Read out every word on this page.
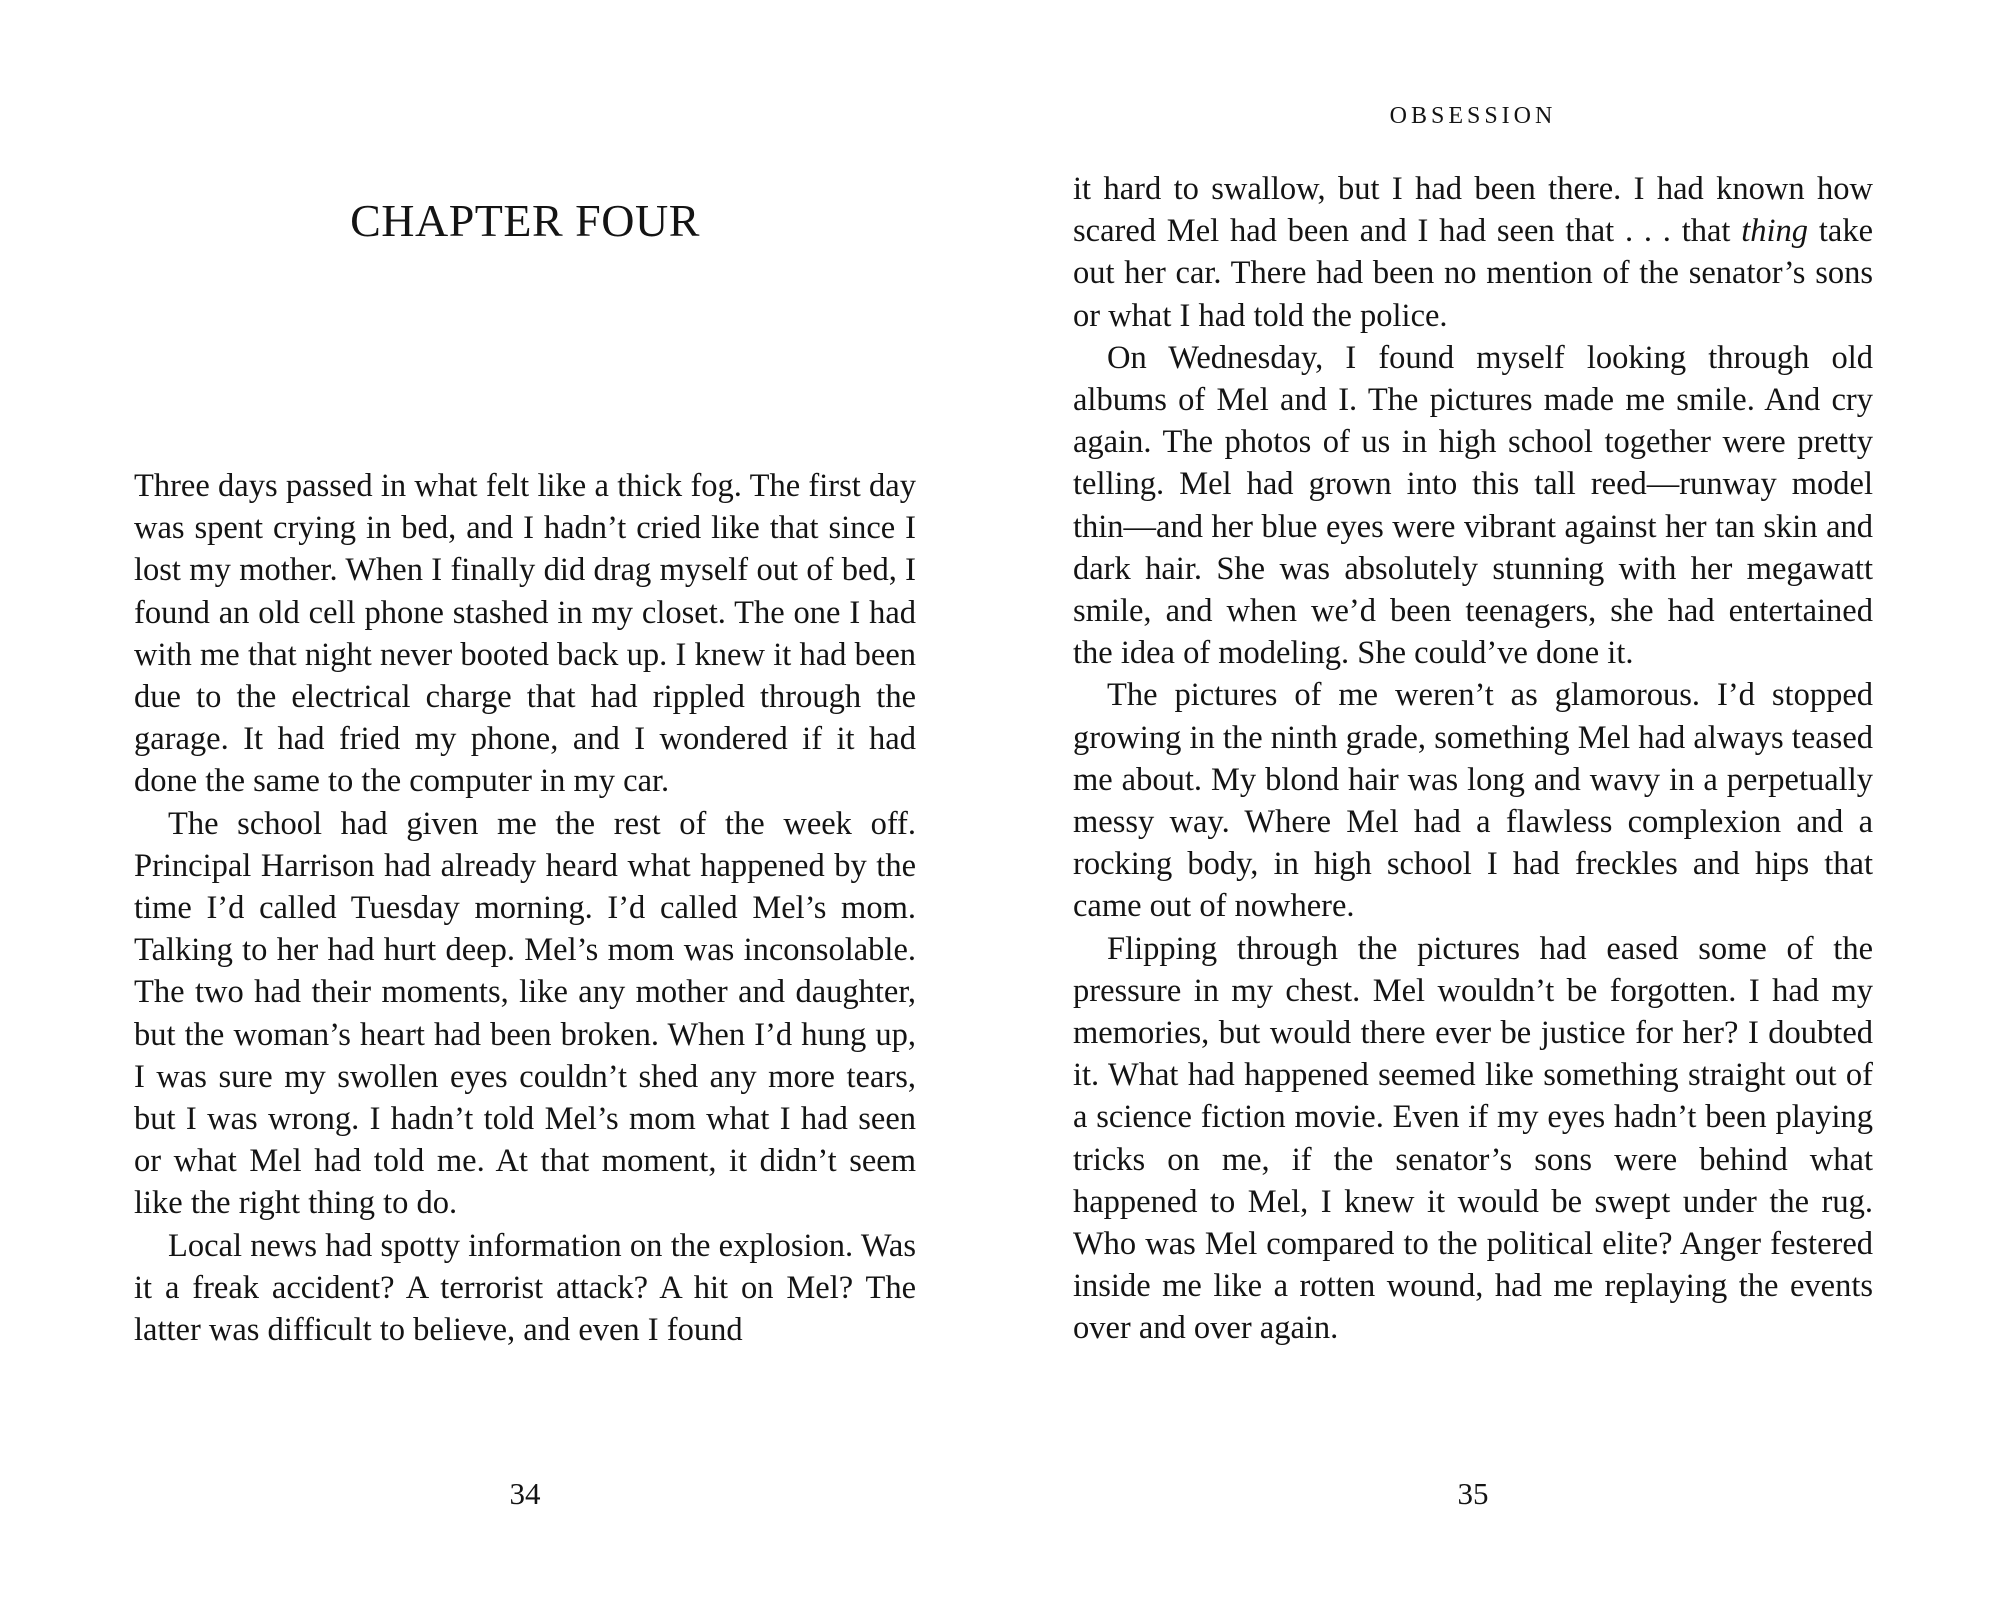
CHAPTER FOUR

Three days passed in what felt like a thick fog. The first day was spent crying in bed, and I hadn’t cried like that since I lost my mother. When I finally did drag myself out of bed, I found an old cell phone stashed in my closet. The one I had with me that night never booted back up. I knew it had been due to the electrical charge that had rippled through the garage. It had fried my phone, and I wondered if it had done the same to the computer in my car.

The school had given me the rest of the week off. Principal Harrison had already heard what happened by the time I’d called Tuesday morning. I’d called Mel’s mom. Talking to her had hurt deep. Mel’s mom was inconsolable. The two had their moments, like any mother and daughter, but the woman’s heart had been broken. When I’d hung up, I was sure my swollen eyes couldn’t shed any more tears, but I was wrong. I hadn’t told Mel’s mom what I had seen or what Mel had told me. At that moment, it didn’t seem like the right thing to do.

Local news had spotty information on the explosion. Was it a freak accident? A terrorist attack? A hit on Mel? The latter was difficult to believe, and even I found

34
OBSESSION

it hard to swallow, but I had been there. I had known how scared Mel had been and I had seen that . . . that thing take out her car. There had been no mention of the senator’s sons or what I had told the police.

On Wednesday, I found myself looking through old albums of Mel and I. The pictures made me smile. And cry again. The photos of us in high school together were pretty telling. Mel had grown into this tall reed—runway model thin—and her blue eyes were vibrant against her tan skin and dark hair. She was absolutely stunning with her megawatt smile, and when we’d been teenagers, she had entertained the idea of modeling. She could’ve done it.

The pictures of me weren’t as glamorous. I’d stopped growing in the ninth grade, something Mel had always teased me about. My blond hair was long and wavy in a perpetually messy way. Where Mel had a flawless complexion and a rocking body, in high school I had freckles and hips that came out of nowhere.

Flipping through the pictures had eased some of the pressure in my chest. Mel wouldn’t be forgotten. I had my memories, but would there ever be justice for her? I doubted it. What had happened seemed like something straight out of a science fiction movie. Even if my eyes hadn’t been playing tricks on me, if the senator’s sons were behind what happened to Mel, I knew it would be swept under the rug. Who was Mel compared to the political elite? Anger festered inside me like a rotten wound, had me replaying the events over and over again.

35
